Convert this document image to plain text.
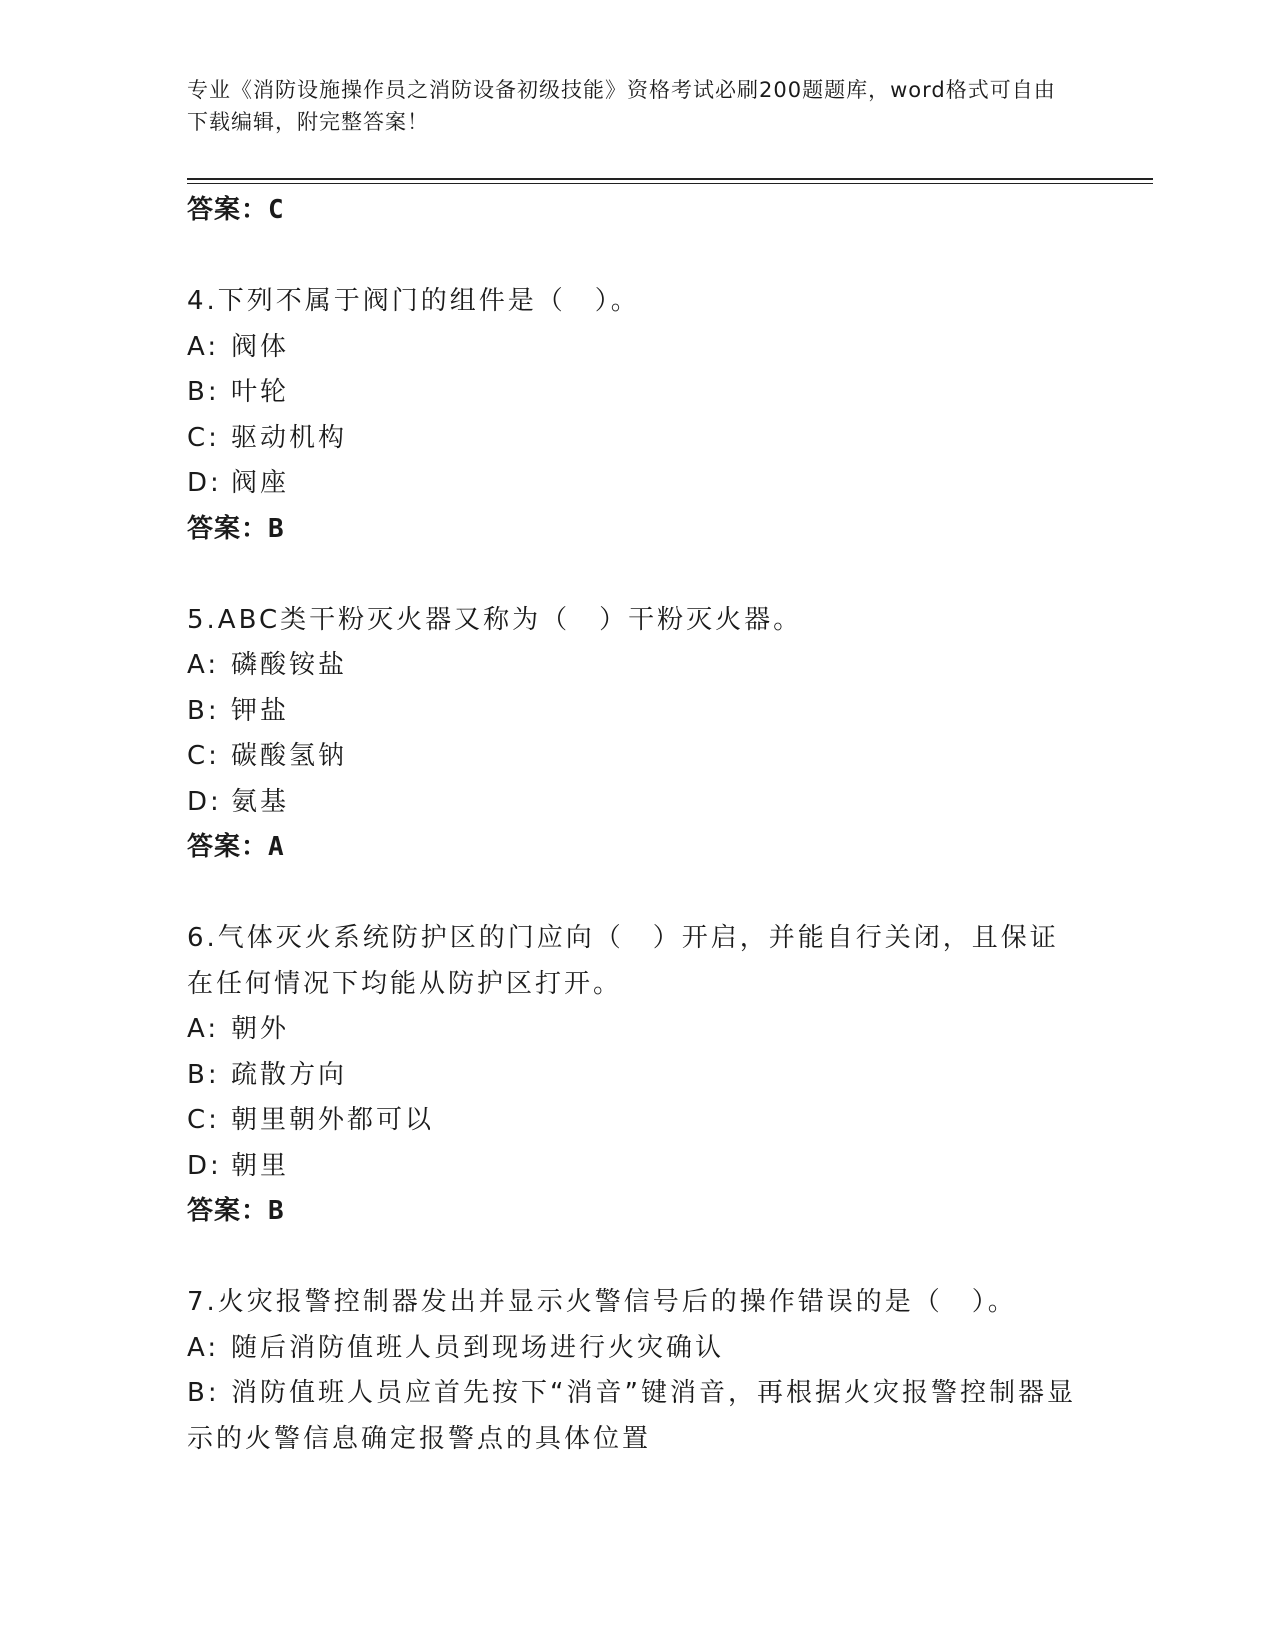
专业《消防设施操作员之消防设备初级技能》资格考试必刷200题题库，word格式可自由下载编辑，附完整答案！
答案：C
4.下列不属于阀门的组件是（　）。
A: 阀体
B: 叶轮
C: 驱动机构
D: 阀座
答案：B
5.ABC类干粉灭火器又称为（　）干粉灭火器。
A: 磷酸铵盐
B: 钾盐
C: 碳酸氢钠
D: 氨基
答案：A
6.气体灭火系统防护区的门应向（　）开启，并能自行关闭，且保证在任何情况下均能从防护区打开。
A: 朝外
B: 疏散方向
C: 朝里朝外都可以
D: 朝里
答案：B
7.火灾报警控制器发出并显示火警信号后的操作错误的是（　）。
A: 随后消防值班人员到现场进行火灾确认
B: 消防值班人员应首先按下“消音”键消音，再根据火灾报警控制器显示的火警信息确定报警点的具体位置
